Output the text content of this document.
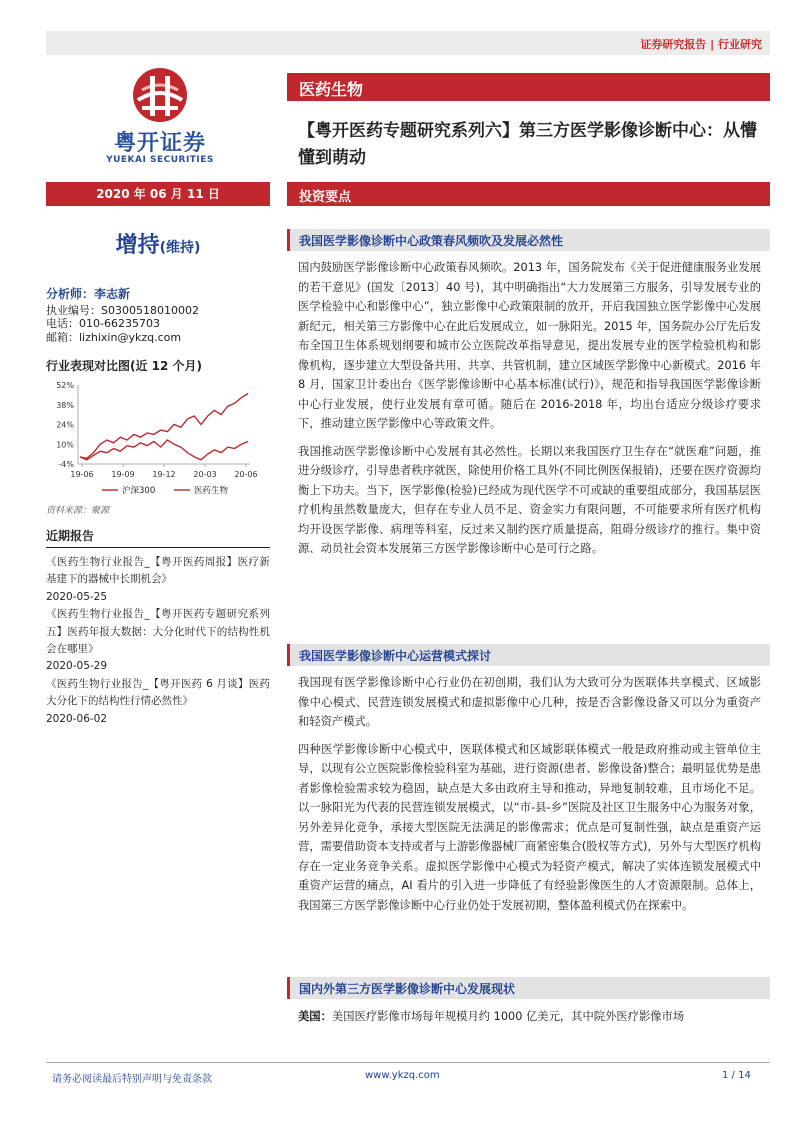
证券研究报告 | 行业研究
粤开证券
YUEKAI SECURITIES
医药生物
【粤开医药专题研究系列六】第三方医学影像诊断中心：从懵懂到萌动
2020 年 06 月 11 日	投资要点
增持(维持)
分析师：李志新
执业编号：S0300518010002
电话：010-66235703
邮箱：lizhixin@ykzq.com
行业表现对比图(近 12 个月)
52%
38%
24%
10%
-4%
19-06 19-09 19-12 20-03 20-06
沪深300	医药生物
资料来源：聚源
近期报告
《医药生物行业报告_【粤开医药周报】医疗新基建下的器械中长期机会》
2020-05-25
《医药生物行业报告_【粤开医药专题研究系列五】医药年报大数据：大分化时代下的结构性机会在哪里》
2020-05-29
《医药生物行业报告_【粤开医药 6 月谈】医药大分化下的结构性行情必然性》
2020-06-02
我国医学影像诊断中心政策春风频吹及发展必然性
国内鼓励医学影像诊断中心政策春风频吹。2013 年，国务院发布《关于促进健康服务业发展的若干意见》(国发〔2013〕40 号)，其中明确指出“大力发展第三方服务，引导发展专业的医学检验中心和影像中心”，独立影像中心政策限制的放开，开启我国独立医学影像中心发展新纪元，相关第三方影像中心在此后发展成立，如一脉阳光。2015 年，国务院办公厅先后发布全国卫生体系规划纲要和城市公立医院改革指导意见，提出发展专业的医学检验机构和影像机构，逐步建立大型设备共用、共享、共管机制，建立区域医学影像中心新模式。2016 年 8 月，国家卫计委出台《医学影像诊断中心基本标准(试行)》，规范和指导我国医学影像诊断中心行业发展，使行业发展有章可循。随后在 2016-2018 年，均出台适应分级诊疗要求下，推动建立医学影像中心等政策文件。
我国推动医学影像诊断中心发展有其必然性。长期以来我国医疗卫生存在“就医难”问题，推进分级诊疗，引导患者秩序就医，除使用价格工具外(不同比例医保报销)，还要在医疗资源均衡上下功夫。当下，医学影像(检验)已经成为现代医学不可或缺的重要组成部分，我国基层医疗机构虽然数量庞大，但存在专业人员不足、资金实力有限问题，不可能要求所有医疗机构均开设医学影像、病理等科室，反过来又制约医疗质量提高，阻碍分级诊疗的推行。集中资源、动员社会资本发展第三方医学影像诊断中心是可行之路。
我国医学影像诊断中心运营模式探讨
我国现有医学影像诊断中心行业仍在初创期，我们认为大致可分为医联体共享模式、区域影像中心模式、民营连锁发展模式和虚拟影像中心几种，按是否含影像设备又可以分为重资产和轻资产模式。
四种医学影像诊断中心模式中，医联体模式和区域影联体模式一般是政府推动或主管单位主导，以现有公立医院影像检验科室为基础，进行资源(患者、影像设备)整合；最明显优势是患者影像检验需求较为稳固，缺点是大多由政府主导和推动，异地复制较难，且市场化不足。以一脉阳光为代表的民营连锁发展模式，以“市-县-乡”医院及社区卫生服务中心为服务对象，另外差异化竞争，承接大型医院无法满足的影像需求；优点是可复制性强，缺点是重资产运营，需要借助资本支持或者与上游影像器械厂商紧密集合(股权等方式)，另外与大型医疗机构存在一定业务竞争关系。虚拟医学影像中心模式为轻资产模式，解决了实体连锁发展模式中重资产运营的痛点，AI 看片的引入进一步降低了有经验影像医生的人才资源限制。总体上，我国第三方医学影像诊断中心行业仍处于发展初期，整体盈利模式仍在探索中。
国内外第三方医学影像诊断中心发展现状
美国：美国医疗影像市场每年规模月约 1000 亿美元，其中院外医疗影像市场
请务必阅读最后特别声明与免责条款	www.ykzq.com	1 / 14
